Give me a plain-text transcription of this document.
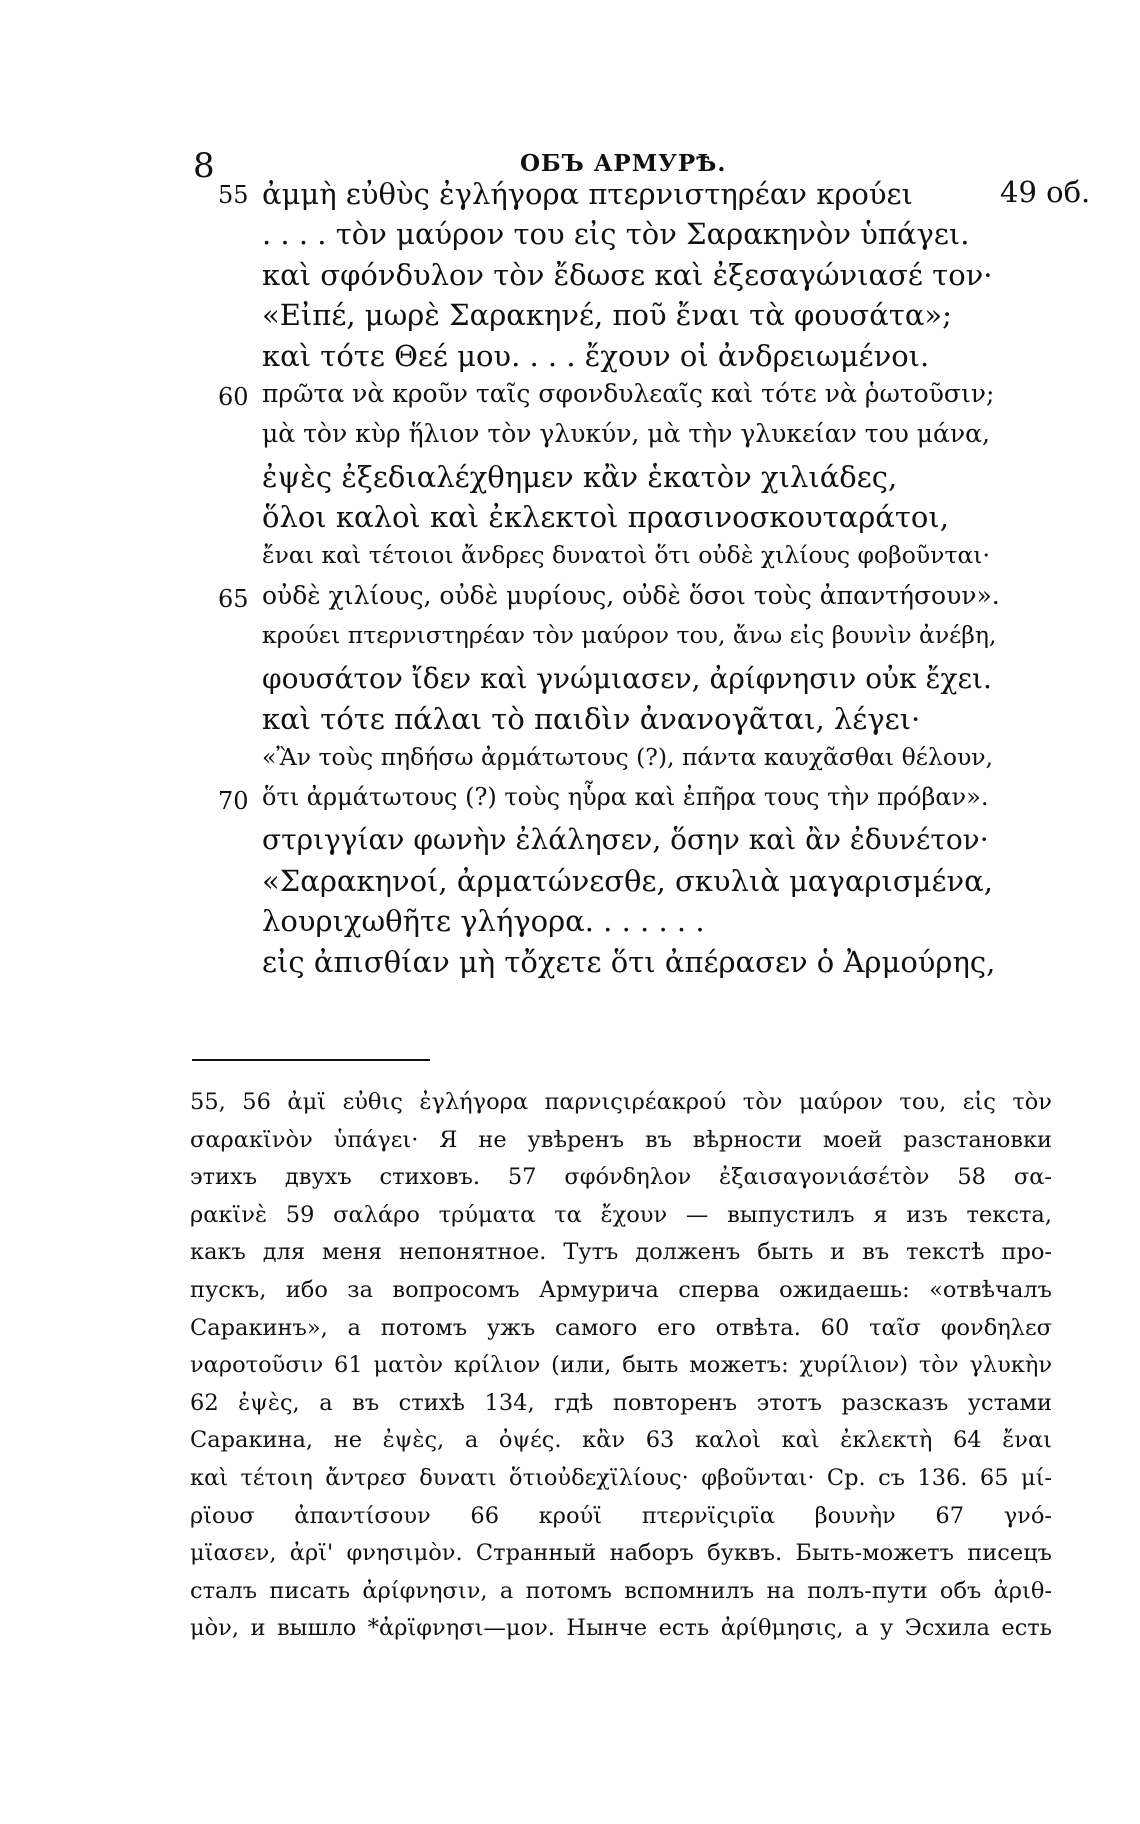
8	ОБЪ АРМУРѢ.
55 ἀμμὴ εὐθὺς ἐγλήγορα πτερνιστηρέαν κρούει	49 об.
. . . . τὸν μαύρον του εἰς τὸν Σαρακηνὸν ὑπάγει.
καὶ σφόνδυλον τὸν ἔδωσε καὶ ἐξεσαγώνιασέ τον·
«Εἰπέ, μωρὲ Σαρακηνέ, ποῦ ἔναι τὰ φουσάτα»;
καὶ τότε Θεέ μου. . . . ἔχουν οἱ ἀνδρειωμένοι.
60 πρῶτα νὰ κροῦν ταῖς σφονδυλεαῖς καὶ τότε νὰ ῥωτοῦσιν;
μὰ τὸν κὺρ ἥλιον τὸν γλυκύν, μὰ τὴν γλυκείαν του μάνα,
ἐψὲς ἐξεδιαλέχθημεν κἂν ἑκατὸν χιλιάδες,
ὅλοι καλοὶ καὶ ἐκλεκτοὶ πρασινοσκουταράτοι,
ἔναι καὶ τέτοιοι ἄνδρες δυνατοὶ ὅτι οὐδὲ χιλίους φοβοῦνται·
65 οὐδὲ χιλίους, οὐδὲ μυρίους, οὐδὲ ὅσοι τοὺς ἀπαντήσουν».
κρούει πτερνιστηρέαν τὸν μαύρον του, ἄνω εἰς βουνὶν ἀνέβη,
φουσάτον ἴδεν καὶ γνώμιασεν, ἀρίφνησιν οὐκ ἔχει.
καὶ τότε πάλαι τὸ παιδὶν ἀνανογᾶται, λέγει·
«Ἂν τοὺς πηδήσω ἀρμάτωτους (?), πάντα καυχᾶσθαι θέλουν,
70 ὅτι ἀρμάτωτους (?) τοὺς ηὗρα καὶ ἐπῆρα τους τὴν πρόβαν».
στριγγίαν φωνὴν ἐλάλησεν, ὅσην καὶ ἂν ἐδυνέτον·
«Σαρακηνοί, ἀρματώνεσθε, σκυλιὰ μαγαρισμένα,
λουριχωθῆτε γλήγορα. . . . . . .
εἰς ἀπισθίαν μὴ τὄχετε ὅτι ἀπέρασεν ὁ Ἀρμούρης,
55, 56 ἀμϊ εὐθις ἐγλήγορα παρνιςιρέακρού τὸν μαύρον του, εἰς τὸν
σαρακϊνὸν ὑπάγει· Я не увѣренъ въ вѣрности моей разстановки
этихъ двухъ стиховъ. 57 σφόνδηλον ἐξαισαγονιάσέτὸν 58 σα-
ρακϊνὲ 59 σαλάρο τρύματα τα ἔχουν — выпустилъ я изъ текста,
какъ для меня непонятное. Тутъ долженъ быть и въ текстѣ про-
пускъ, ибо за вопросомъ Армурича сперва ожидаешь: «отвѣчалъ
Саракинъ», а потомъ ужъ самого его отвѣта. 60 ταῖσ φονδηλεσ
ναροτοῦσιν 61 ματὸν κρίλιον (или, быть можетъ: χυρίλιον) τὸν γλυκὴν
62 ἐψὲς, а въ стихѣ 134, гдѣ повторенъ этотъ разсказъ устами
Саракина, не ἐψὲς, а ὀψές. κἂν 63 καλοὶ καὶ ἐκλεκτὴ 64 ἔναι
καὶ τέτοιη ἄντρεσ δυνατι ὅτιοὐδεχϊλίους· φβοῦνται· Ср. съ 136. 65 μί-
ρϊουσ ἀπαντίσουν 66 κρούϊ πτερνϊςιρϊα βουνὴν 67 γνό-
μϊασεν, ἀρϊ' φνησιμὸν. Странный наборъ буквъ. Быть-можетъ писецъ
сталъ писать ἀρίφνησιν, а потомъ вспомнилъ на полъ-пути объ ἀριθ-
μὸν, и вышло *ἀρϊφνησι—μον. Нынче есть ἀρίθμησις, а у Эсхила есть
